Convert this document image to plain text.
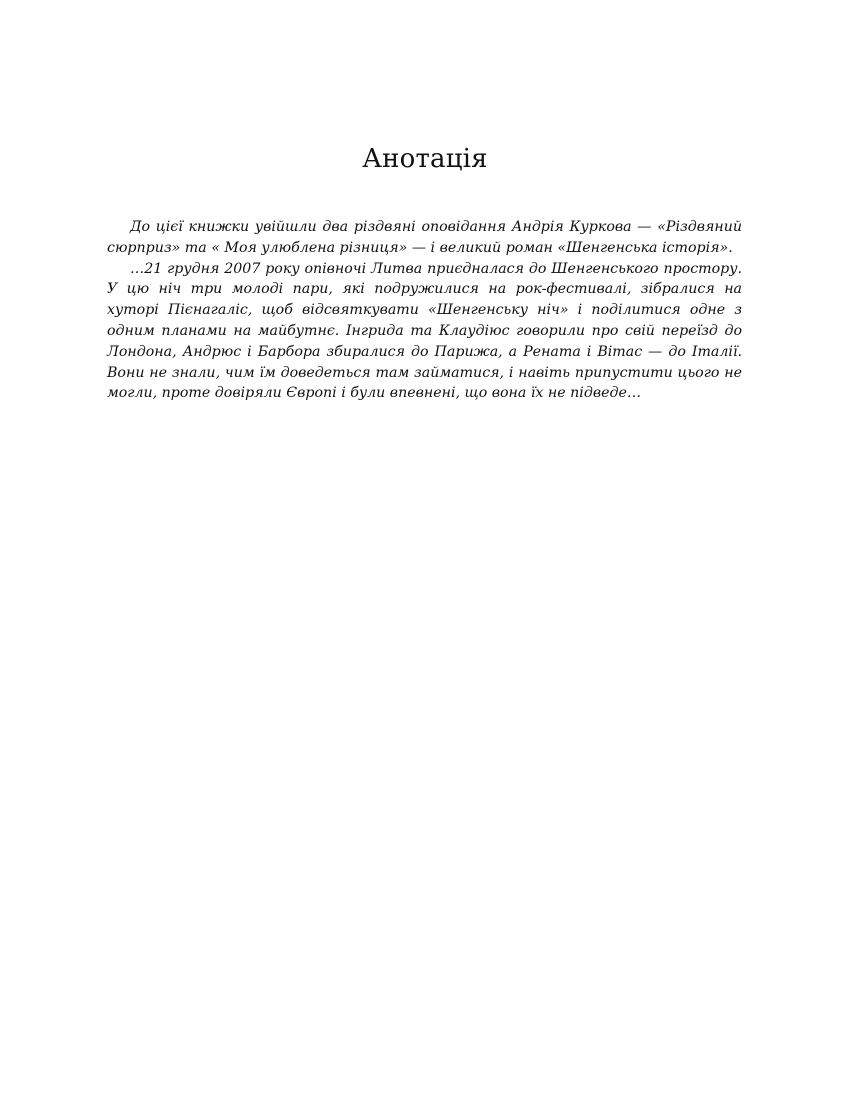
Анотація

До цієї книжки увійшли два різдвяні оповідання Андрія Куркова — «Різдвяний сюрприз» та « Моя улюблена різниця» — і великий роман «Шенгенська історія».

…21 грудня 2007 року опівночі Литва приєдналася до Шенгенського простору. У цю ніч три молоді пари, які подружилися на рок-фестивалі, зібралися на хуторі Пієнагаліс, щоб відсвяткувати «Шенгенську ніч» і поділитися одне з одним планами на майбутнє. Інгрида та Клаудіюс говорили про свій переїзд до Лондона, Андрюс і Барбора збиралися до Парижа, а Рената і Вітас — до Італії. Вони не знали, чим їм доведеться там займатися, і навіть припустити цього не могли, проте довіряли Європі і були впевнені, що вона їх не підведе…
